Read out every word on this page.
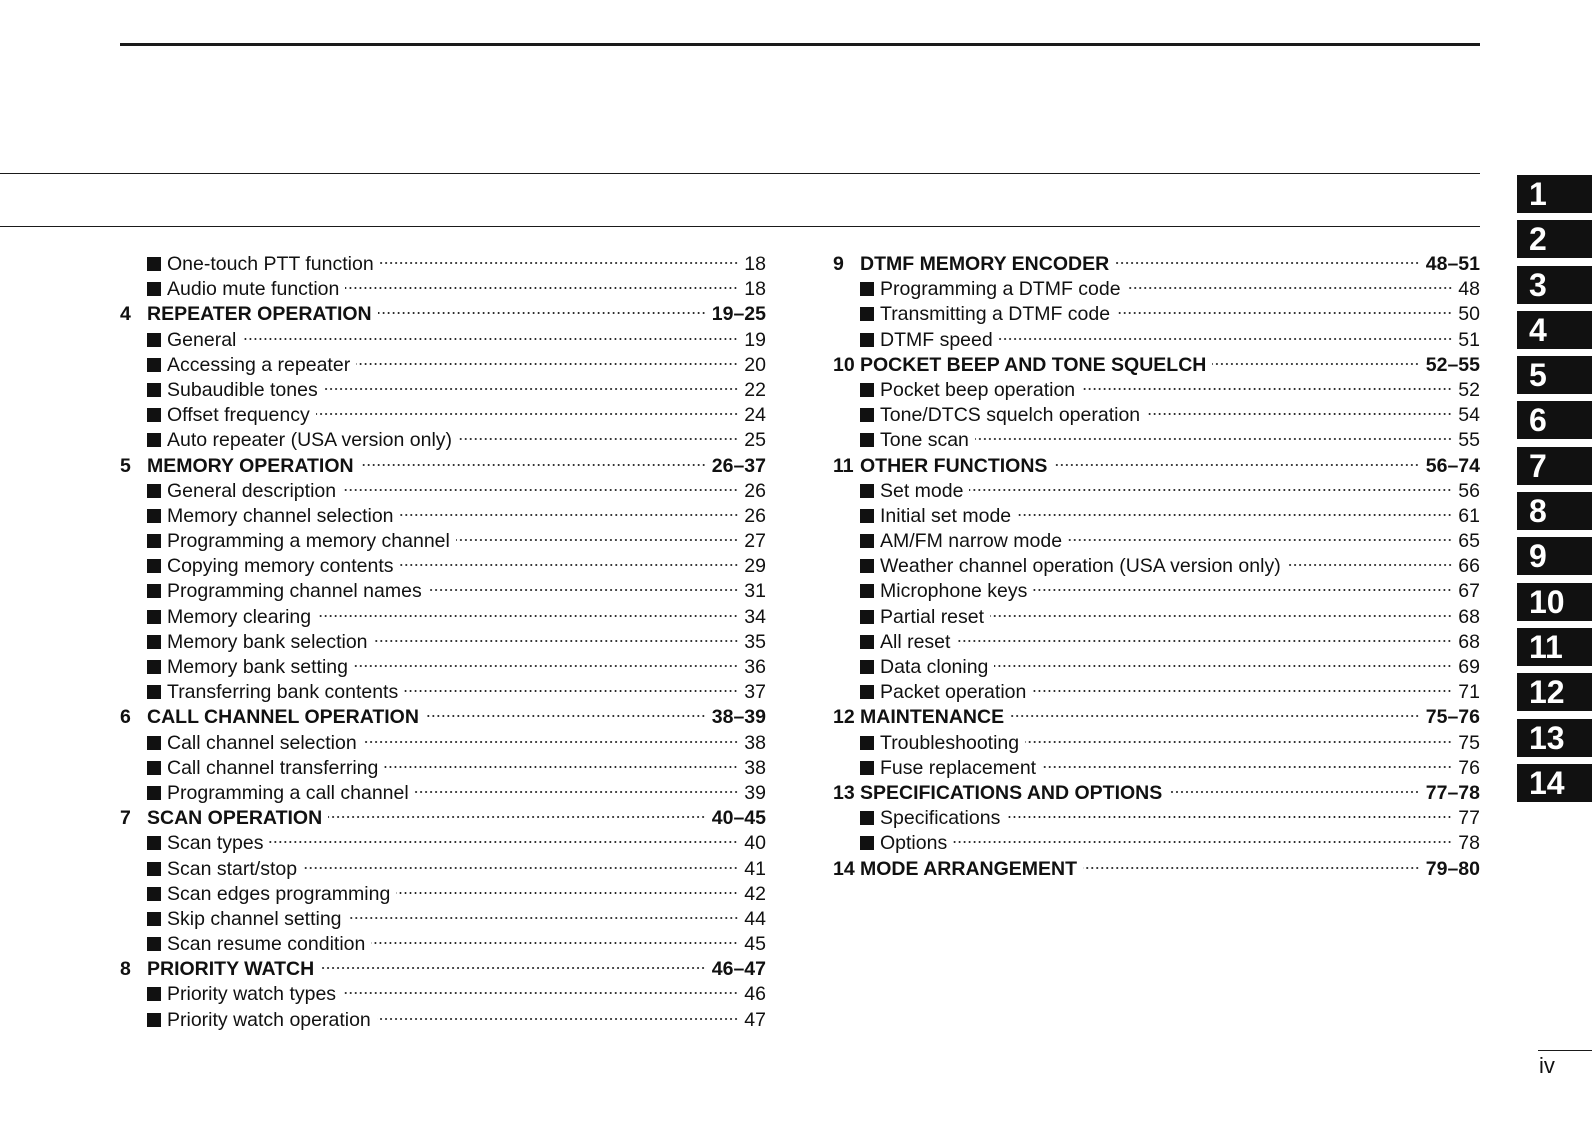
One-touch PTT function	18
Audio mute function	18
4 REPEATER OPERATION	19–25
General	19
Accessing a repeater	20
Subaudible tones	22
Offset frequency	24
Auto repeater (USA version only)	25
5 MEMORY OPERATION	26–37
General description	26
Memory channel selection	26
Programming a memory channel	27
Copying memory contents	29
Programming channel names	31
Memory clearing	34
Memory bank selection	35
Memory bank setting	36
Transferring bank contents	37
6 CALL CHANNEL OPERATION	38–39
Call channel selection	38
Call channel transferring	38
Programming a call channel	39
7 SCAN OPERATION	40–45
Scan types	40
Scan start/stop	41
Scan edges programming	42
Skip channel setting	44
Scan resume condition	45
8 PRIORITY WATCH	46–47
Priority watch types	46
Priority watch operation	47
9 DTMF MEMORY ENCODER	48–51
Programming a DTMF code	48
Transmitting a DTMF code	50
DTMF speed	51
10 POCKET BEEP AND TONE SQUELCH	52–55
Pocket beep operation	52
Tone/DTCS squelch operation	54
Tone scan	55
11 OTHER FUNCTIONS	56–74
Set mode	56
Initial set mode	61
AM/FM narrow mode	65
Weather channel operation (USA version only)	66
Microphone keys	67
Partial reset	68
All reset	68
Data cloning	69
Packet operation	71
12 MAINTENANCE	75–76
Troubleshooting	75
Fuse replacement	76
13 SPECIFICATIONS AND OPTIONS	77–78
Specifications	77
Options	78
14 MODE ARRANGEMENT	79–80
1
2
3
4
5
6
7
8
9
10
11
12
13
14
iv
